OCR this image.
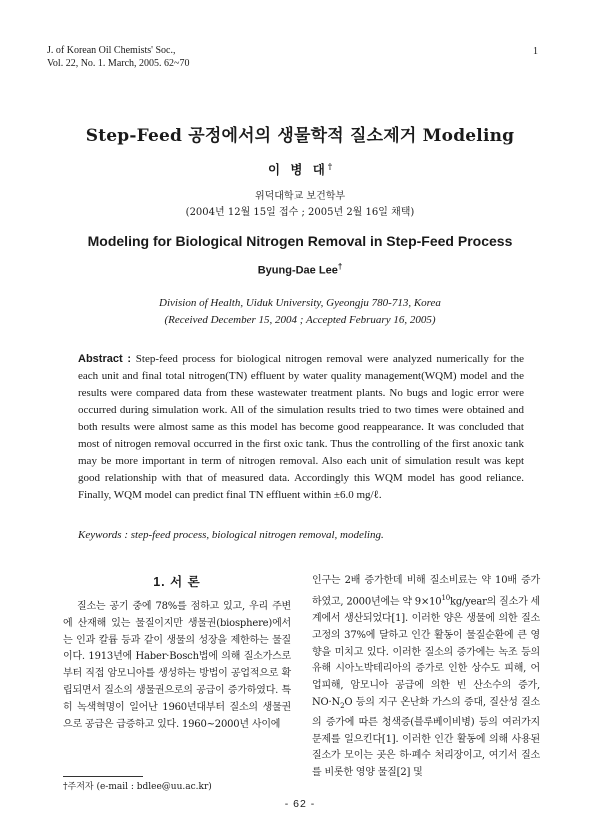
J. of Korean Oil Chemists' Soc.,
Vol. 22, No. 1. March, 2005. 62~70
1
Step-Feed 공정에서의 생물학적 질소제거 Modeling
이 병 대†
위덕대학교 보건학부
(2004년 12월 15일 접수 ; 2005년 2월 16일 채택)
Modeling for Biological Nitrogen Removal in Step-Feed Process
Byung-Dae Lee†
Division of Health, Uiduk University, Gyeongju 780-713, Korea
(Received December 15, 2004 ; Accepted February 16, 2005)
Abstract : Step-feed process for biological nitrogen removal were analyzed numerically for the each unit and final total nitrogen(TN) effluent by water quality management(WQM) model and the results were compared data from these wastewater treatment plants. No bugs and logic error were occurred during simulation work. All of the simulation results tried to two times were obtained and both results were almost same as this model has become good reappearance. It was concluded that most of nitrogen removal occurred in the first oxic tank. Thus the controlling of the first anoxic tank may be more important in term of nitrogen removal. Also each unit of simulation result was kept good relationship with that of measured data. Accordingly this WQM model has good reliance. Finally, WQM model can predict final TN effluent within ±6.0 mg/ℓ.
Keywords : step-feed process, biological nitrogen removal, modeling.
1. 서 론
질소는 공기 중에 78%를 점하고 있고, 우리 주변에 산재해 있는 물질이지만 생물권(biosphere)에서는 인과 칼륨 등과 같이 생물의 성장을 제한하는 물질이다. 1913년에 Haber·Bosch법에 의해 질소가스로부터 직접 암모니아를 생성하는 방법이 공업적으로 확립되면서 질소의 생물권으로의 공급이 증가하였다. 특히 녹색혁명이 일어난 1960년대부터 질소의 생물권으로 공급은 급증하고 있다. 1960~2000년 사이에
인구는 2배 증가한데 비해 질소비료는 약 10배 증가하였고, 2000년에는 약 $9\times 10^{10}kg$/year의 질소가 세계에서 생산되었다[1]. 이러한 양은 생물에 의한 질소고정의 37%에 달하고 인간 활동이 물질순환에 큰 영향을 미치고 있다. 이러한 질소의 증가에는 녹조 등의 유해 시아노박테리아의 증가로 인한 상수도 피해, 어업피해, 암모니아 공급에 의한 빈 산소수의 증가, $NO\cdot N_2O$ 등의 지구 온난화 가스의 증대, 질산성 질소의 증가에 따른 청색증(블루베이비병) 등의 여러가지 문제를 일으킨다[1]. 이러한 인간 활동에 의해 사용된 질소가 모이는 곳은 하·폐수 처리장이고, 여기서 질소를 비롯한 영양 물질[2] 및
†주저자 (e-mail : bdlee@uu.ac.kr)
- 62 -
